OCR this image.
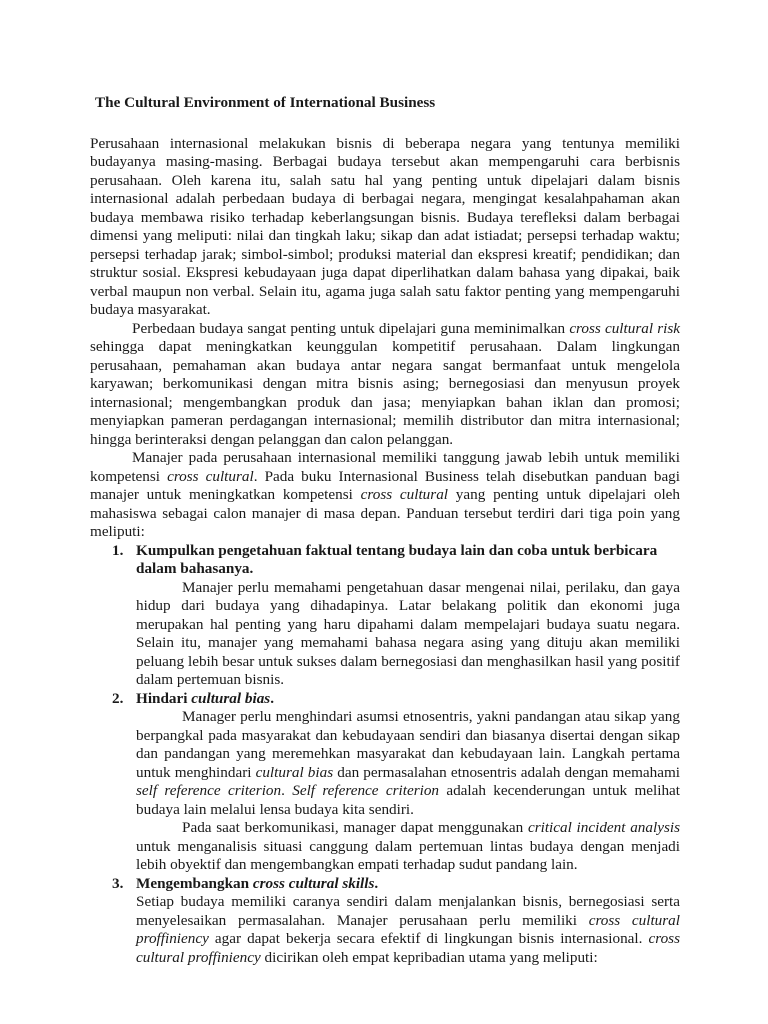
The Cultural Environment of International Business

Perusahaan internasional melakukan bisnis di beberapa negara yang tentunya memiliki budayanya masing-masing. Berbagai budaya tersebut akan mempengaruhi cara berbisnis perusahaan. Oleh karena itu, salah satu hal yang penting untuk dipelajari dalam bisnis internasional adalah perbedaan budaya di berbagai negara, mengingat kesalahpahaman akan budaya membawa risiko terhadap keberlangsungan bisnis. Budaya terefleksi dalam berbagai dimensi yang meliputi: nilai dan tingkah laku; sikap dan adat istiadat; persepsi terhadap waktu; persepsi terhadap jarak; simbol-simbol; produksi material dan ekspresi kreatif; pendidikan; dan struktur sosial. Ekspresi kebudayaan juga dapat diperlihatkan dalam bahasa yang dipakai, baik verbal maupun non verbal. Selain itu, agama juga salah satu faktor penting yang mempengaruhi budaya masyarakat.

Perbedaan budaya sangat penting untuk dipelajari guna meminimalkan cross cultural risk sehingga dapat meningkatkan keunggulan kompetitif perusahaan. Dalam lingkungan perusahaan, pemahaman akan budaya antar negara sangat bermanfaat untuk mengelola karyawan; berkomunikasi dengan mitra bisnis asing; bernegosiasi dan menyusun proyek internasional; mengembangkan produk dan jasa; menyiapkan bahan iklan dan promosi; menyiapkan pameran perdagangan internasional; memilih distributor dan mitra internasional; hingga berinteraksi dengan pelanggan dan calon pelanggan.

Manajer pada perusahaan internasional memiliki tanggung jawab lebih untuk memiliki kompetensi cross cultural. Pada buku Internasional Business telah disebutkan panduan bagi manajer untuk meningkatkan kompetensi cross cultural yang penting untuk dipelajari oleh mahasiswa sebagai calon manajer di masa depan. Panduan tersebut terdiri dari tiga poin yang meliputi:

1. Kumpulkan pengetahuan faktual tentang budaya lain dan coba untuk berbicara dalam bahasanya.

Manajer perlu memahami pengetahuan dasar mengenai nilai, perilaku, dan gaya hidup dari budaya yang dihadapinya. Latar belakang politik dan ekonomi juga merupakan hal penting yang haru dipahami dalam mempelajari budaya suatu negara. Selain itu, manajer yang memahami bahasa negara asing yang dituju akan memiliki peluang lebih besar untuk sukses dalam bernegosiasi dan menghasilkan hasil yang positif dalam pertemuan bisnis.

2. Hindari cultural bias.

Manager perlu menghindari asumsi etnosentris, yakni pandangan atau sikap yang berpangkal pada masyarakat dan kebudayaan sendiri dan biasanya disertai dengan sikap dan pandangan yang meremehkan masyarakat dan kebudayaan lain. Langkah pertama untuk menghindari cultural bias dan permasalahan etnosentris adalah dengan memahami self reference criterion. Self reference criterion adalah kecenderungan untuk melihat budaya lain melalui lensa budaya kita sendiri.

Pada saat berkomunikasi, manager dapat menggunakan critical incident analysis untuk menganalisis situasi canggung dalam pertemuan lintas budaya dengan menjadi lebih obyektif dan mengembangkan empati terhadap sudut pandang lain.

3. Mengembangkan cross cultural skills.

Setiap budaya memiliki caranya sendiri dalam menjalankan bisnis, bernegosiasi serta menyelesaikan permasalahan. Manajer perusahaan perlu memiliki cross cultural proffiniency agar dapat bekerja secara efektif di lingkungan bisnis internasional. cross cultural proffiniency dicirikan oleh empat kepribadian utama yang meliputi:
